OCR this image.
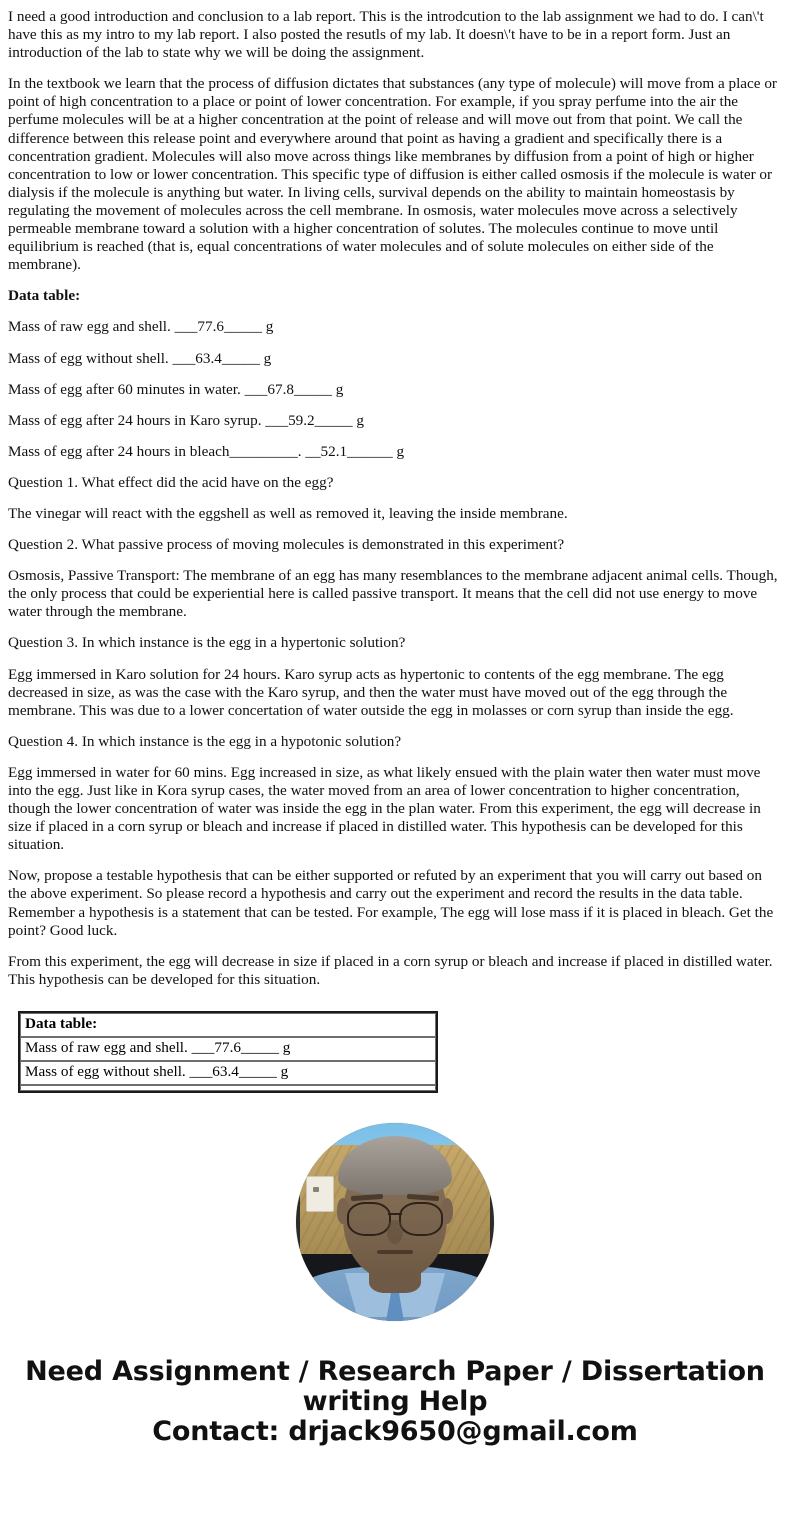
I need a good introduction and conclusion to a lab report. This is the introdcution to the lab assignment we had to do. I can\'t have this as my intro to my lab report. I also posted the resutls of my lab. It doesn\'t have to be in a report form. Just an introduction of the lab to state why we will be doing the assignment.

In the textbook we learn that the process of diffusion dictates that substances (any type of molecule) will move from a place or point of high concentration to a place or point of lower concentration. For example, if you spray perfume into the air the perfume molecules will be at a higher concentration at the point of release and will move out from that point. We call the difference between this release point and everywhere around that point as having a gradient and specifically there is a concentration gradient. Molecules will also move across things like membranes by diffusion from a point of high or higher concentration to low or lower concentration. This specific type of diffusion is either called osmosis if the molecule is water or dialysis if the molecule is anything but water. In living cells, survival depends on the ability to maintain homeostasis by regulating the movement of molecules across the cell membrane. In osmosis, water molecules move across a selectively permeable membrane toward a solution with a higher concentration of solutes. The molecules continue to move until equilibrium is reached (that is, equal concentrations of water molecules and of solute molecules on either side of the membrane).

Data table:

Mass of raw egg and shell. ___77.6_____ g

Mass of egg without shell. ___63.4_____ g

Mass of egg after 60 minutes in water. ___67.8_____ g

Mass of egg after 24 hours in Karo syrup. ___59.2_____ g

Mass of egg after 24 hours in bleach_________. __52.1______ g

Question 1. What effect did the acid have on the egg?

The vinegar will react with the eggshell as well as removed it, leaving the inside membrane.

Question 2. What passive process of moving molecules is demonstrated in this experiment?

Osmosis, Passive Transport: The membrane of an egg has many resemblances to the membrane adjacent animal cells. Though, the only process that could be experiential here is called passive transport. It means that the cell did not use energy to move water through the membrane.

Question 3. In which instance is the egg in a hypertonic solution?

Egg immersed in Karo solution for 24 hours. Karo syrup acts as hypertonic to contents of the egg membrane. The egg decreased in size, as was the case with the Karo syrup, and then the water must have moved out of the egg through the membrane. This was due to a lower concertation of water outside the egg in molasses or corn syrup than inside the egg.

Question 4. In which instance is the egg in a hypotonic solution?

Egg immersed in water for 60 mins. Egg increased in size, as what likely ensued with the plain water then water must move into the egg. Just like in Kora syrup cases, the water moved from an area of lower concentration to higher concentration, though the lower concentration of water was inside the egg in the plan water. From this experiment, the egg will decrease in size if placed in a corn syrup or bleach and increase if placed in distilled water. This hypothesis can be developed for this situation.

Now, propose a testable hypothesis that can be either supported or refuted by an experiment that you will carry out based on the above experiment. So please record a hypothesis and carry out the experiment and record the results in the data table. Remember a hypothesis is a statement that can be tested. For example, The egg will lose mass if it is placed in bleach. Get the point? Good luck.

From this experiment, the egg will decrease in size if placed in a corn syrup or bleach and increase if placed in distilled water. This hypothesis can be developed for this situation.

Data table:
Mass of raw egg and shell. ___77.6_____ g
Mass of egg without shell. ___63.4_____ g

Need Assignment / Research Paper / Dissertation
writing Help
Contact: drjack9650@gmail.com
